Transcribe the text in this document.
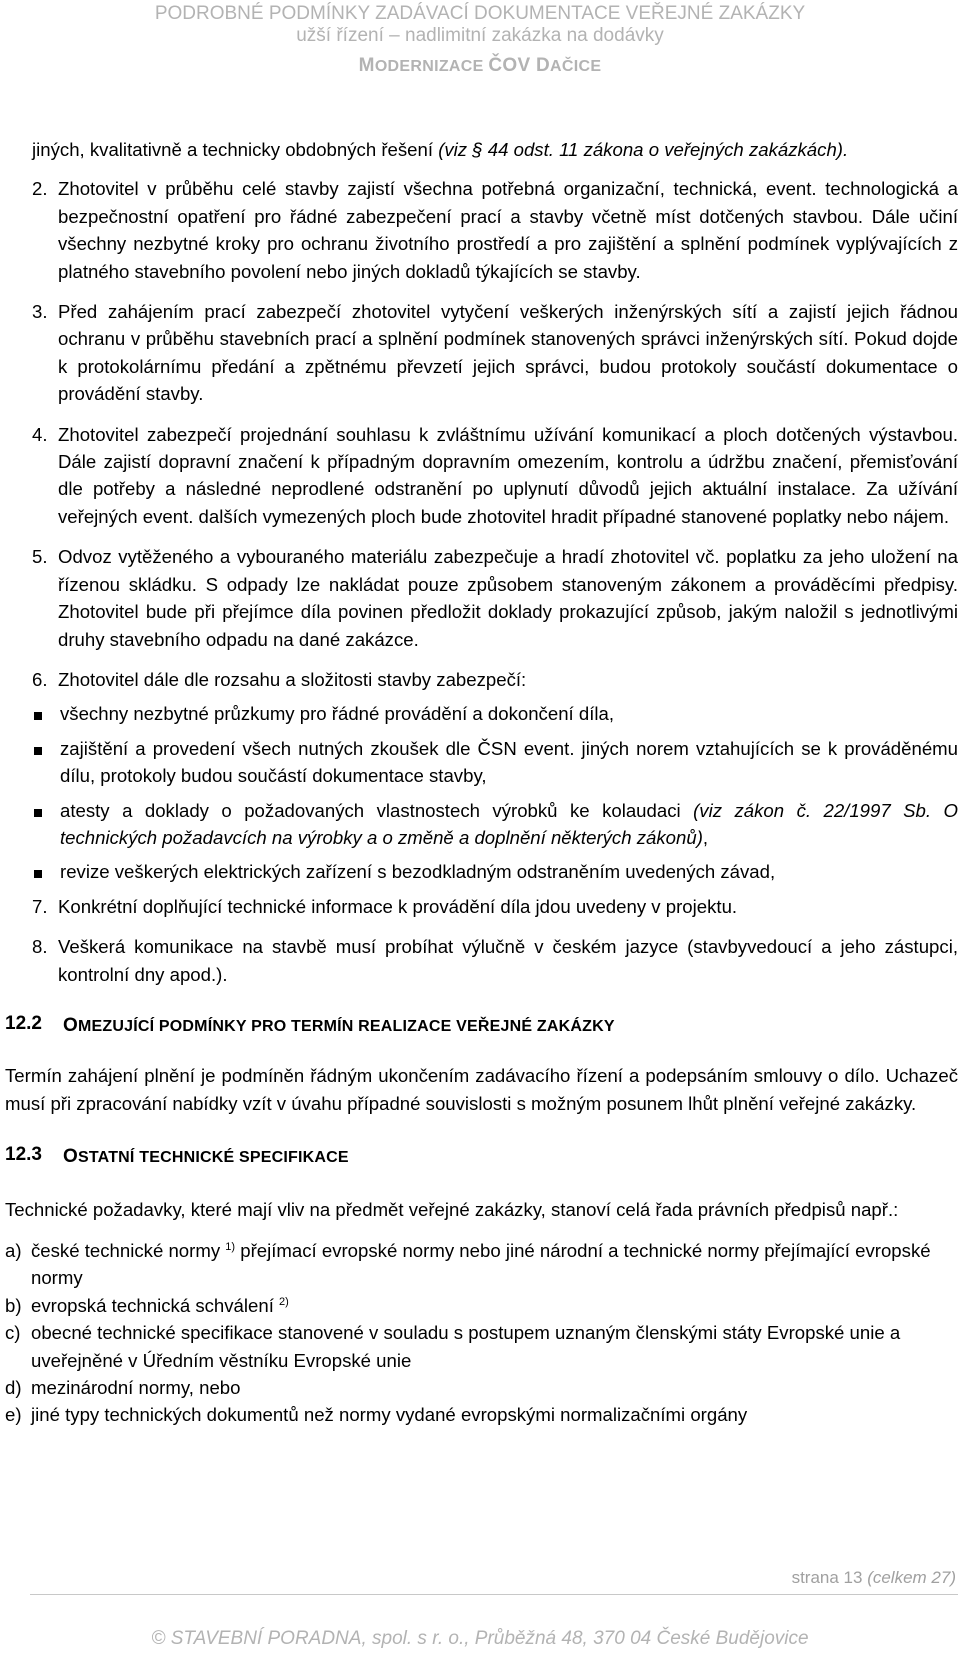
PODROBNÉ PODMÍNKY ZADÁVACÍ DOKUMENTACE VEŘEJNÉ ZAKÁZKY
užší řízení – nadlimitní zakázka na dodávky
MODERNIZACE ČOV DAČICE

jiných, kvalitativně a technicky obdobných řešení (viz § 44 odst. 11 zákona o veřejných zakázkách).

2. Zhotovitel v průběhu celé stavby zajistí všechna potřebná organizační, technická, event. technologická a bezpečnostní opatření pro řádné zabezpečení prací a stavby včetně míst dotčených stavbou. Dále učiní všechny nezbytné kroky pro ochranu životního prostředí a pro zajištění a splnění podmínek vyplývajících z platného stavebního povolení nebo jiných dokladů týkajících se stavby.
3. Před zahájením prací zabezpečí zhotovitel vytyčení veškerých inženýrských sítí a zajistí jejich řádnou ochranu v průběhu stavebních prací a splnění podmínek stanovených správci inženýrských sítí. Pokud dojde k protokolárnímu předání a zpětnému převzetí jejich správci, budou protokoly součástí dokumentace o provádění stavby.
4. Zhotovitel zabezpečí projednání souhlasu k zvláštnímu užívání komunikací a ploch dotčených výstavbou. Dále zajistí dopravní značení k případným dopravním omezením, kontrolu a údržbu značení, přemisťování dle potřeby a následné neprodlené odstranění po uplynutí důvodů jejich aktuální instalace. Za užívání veřejných event. dalších vymezených ploch bude zhotovitel hradit případné stanovené poplatky nebo nájem.
5. Odvoz vytěženého a vybouraného materiálu zabezpečuje a hradí zhotovitel vč. poplatku za jeho uložení na řízenou skládku. S odpady lze nakládat pouze způsobem stanoveným zákonem a prováděcími předpisy. Zhotovitel bude při přejímce díla povinen předložit doklady prokazující způsob, jakým naložil s jednotlivými druhy stavebního odpadu na dané zakázce.
6. Zhotovitel dále dle rozsahu a složitosti stavby zabezpečí:
všechny nezbytné průzkumy pro řádné provádění a dokončení díla,
zajištění a provedení všech nutných zkoušek dle ČSN event. jiných norem vztahujících se k prováděnému dílu, protokoly budou součástí dokumentace stavby,
atesty a doklady o požadovaných vlastnostech výrobků ke kolaudaci (viz zákon č. 22/1997 Sb. O technických požadavcích na výrobky a o změně a doplnění některých zákonů),
revize veškerých elektrických zařízení s bezodkladným odstraněním uvedených závad,
7. Konkrétní doplňující technické informace k provádění díla jdou uvedeny v projektu.
8. Veškerá komunikace na stavbě musí probíhat výlučně v českém jazyce (stavbyvedoucí a jeho zástupci, kontrolní dny apod.).
12.2	OMEZUJÍCÍ PODMÍNKY PRO TERMÍN REALIZACE VEŘEJNÉ ZAKÁZKY

Termín zahájení plnění je podmíněn řádným ukončením zadávacího řízení a podepsáním smlouvy o dílo. Uchazeč musí při zpracování nabídky vzít v úvahu případné souvislosti s možným posunem lhůt plnění veřejné zakázky.

12.3	OSTATNÍ TECHNICKÉ SPECIFIKACE

Technické požadavky, které mají vliv na předmět veřejné zakázky, stanoví celá řada právních předpisů např.:

a) české technické normy $^{1)}$ přejímací evropské normy nebo jiné národní a technické normy přejímající evropské normy
b) evropská technická schválení $^{2)}$
c) obecné technické specifikace stanovené v souladu s postupem uznaným členskými státy Evropské unie a uveřejněné v Úředním věstníku Evropské unie
d) mezinárodní normy, nebo
e) jiné typy technických dokumentů než normy vydané evropskými normalizačními orgány
strana 13 (celkem 27)
© STAVEBNÍ PORADNA, spol. s r. o., Průběžná 48, 370 04 České Budějovice
